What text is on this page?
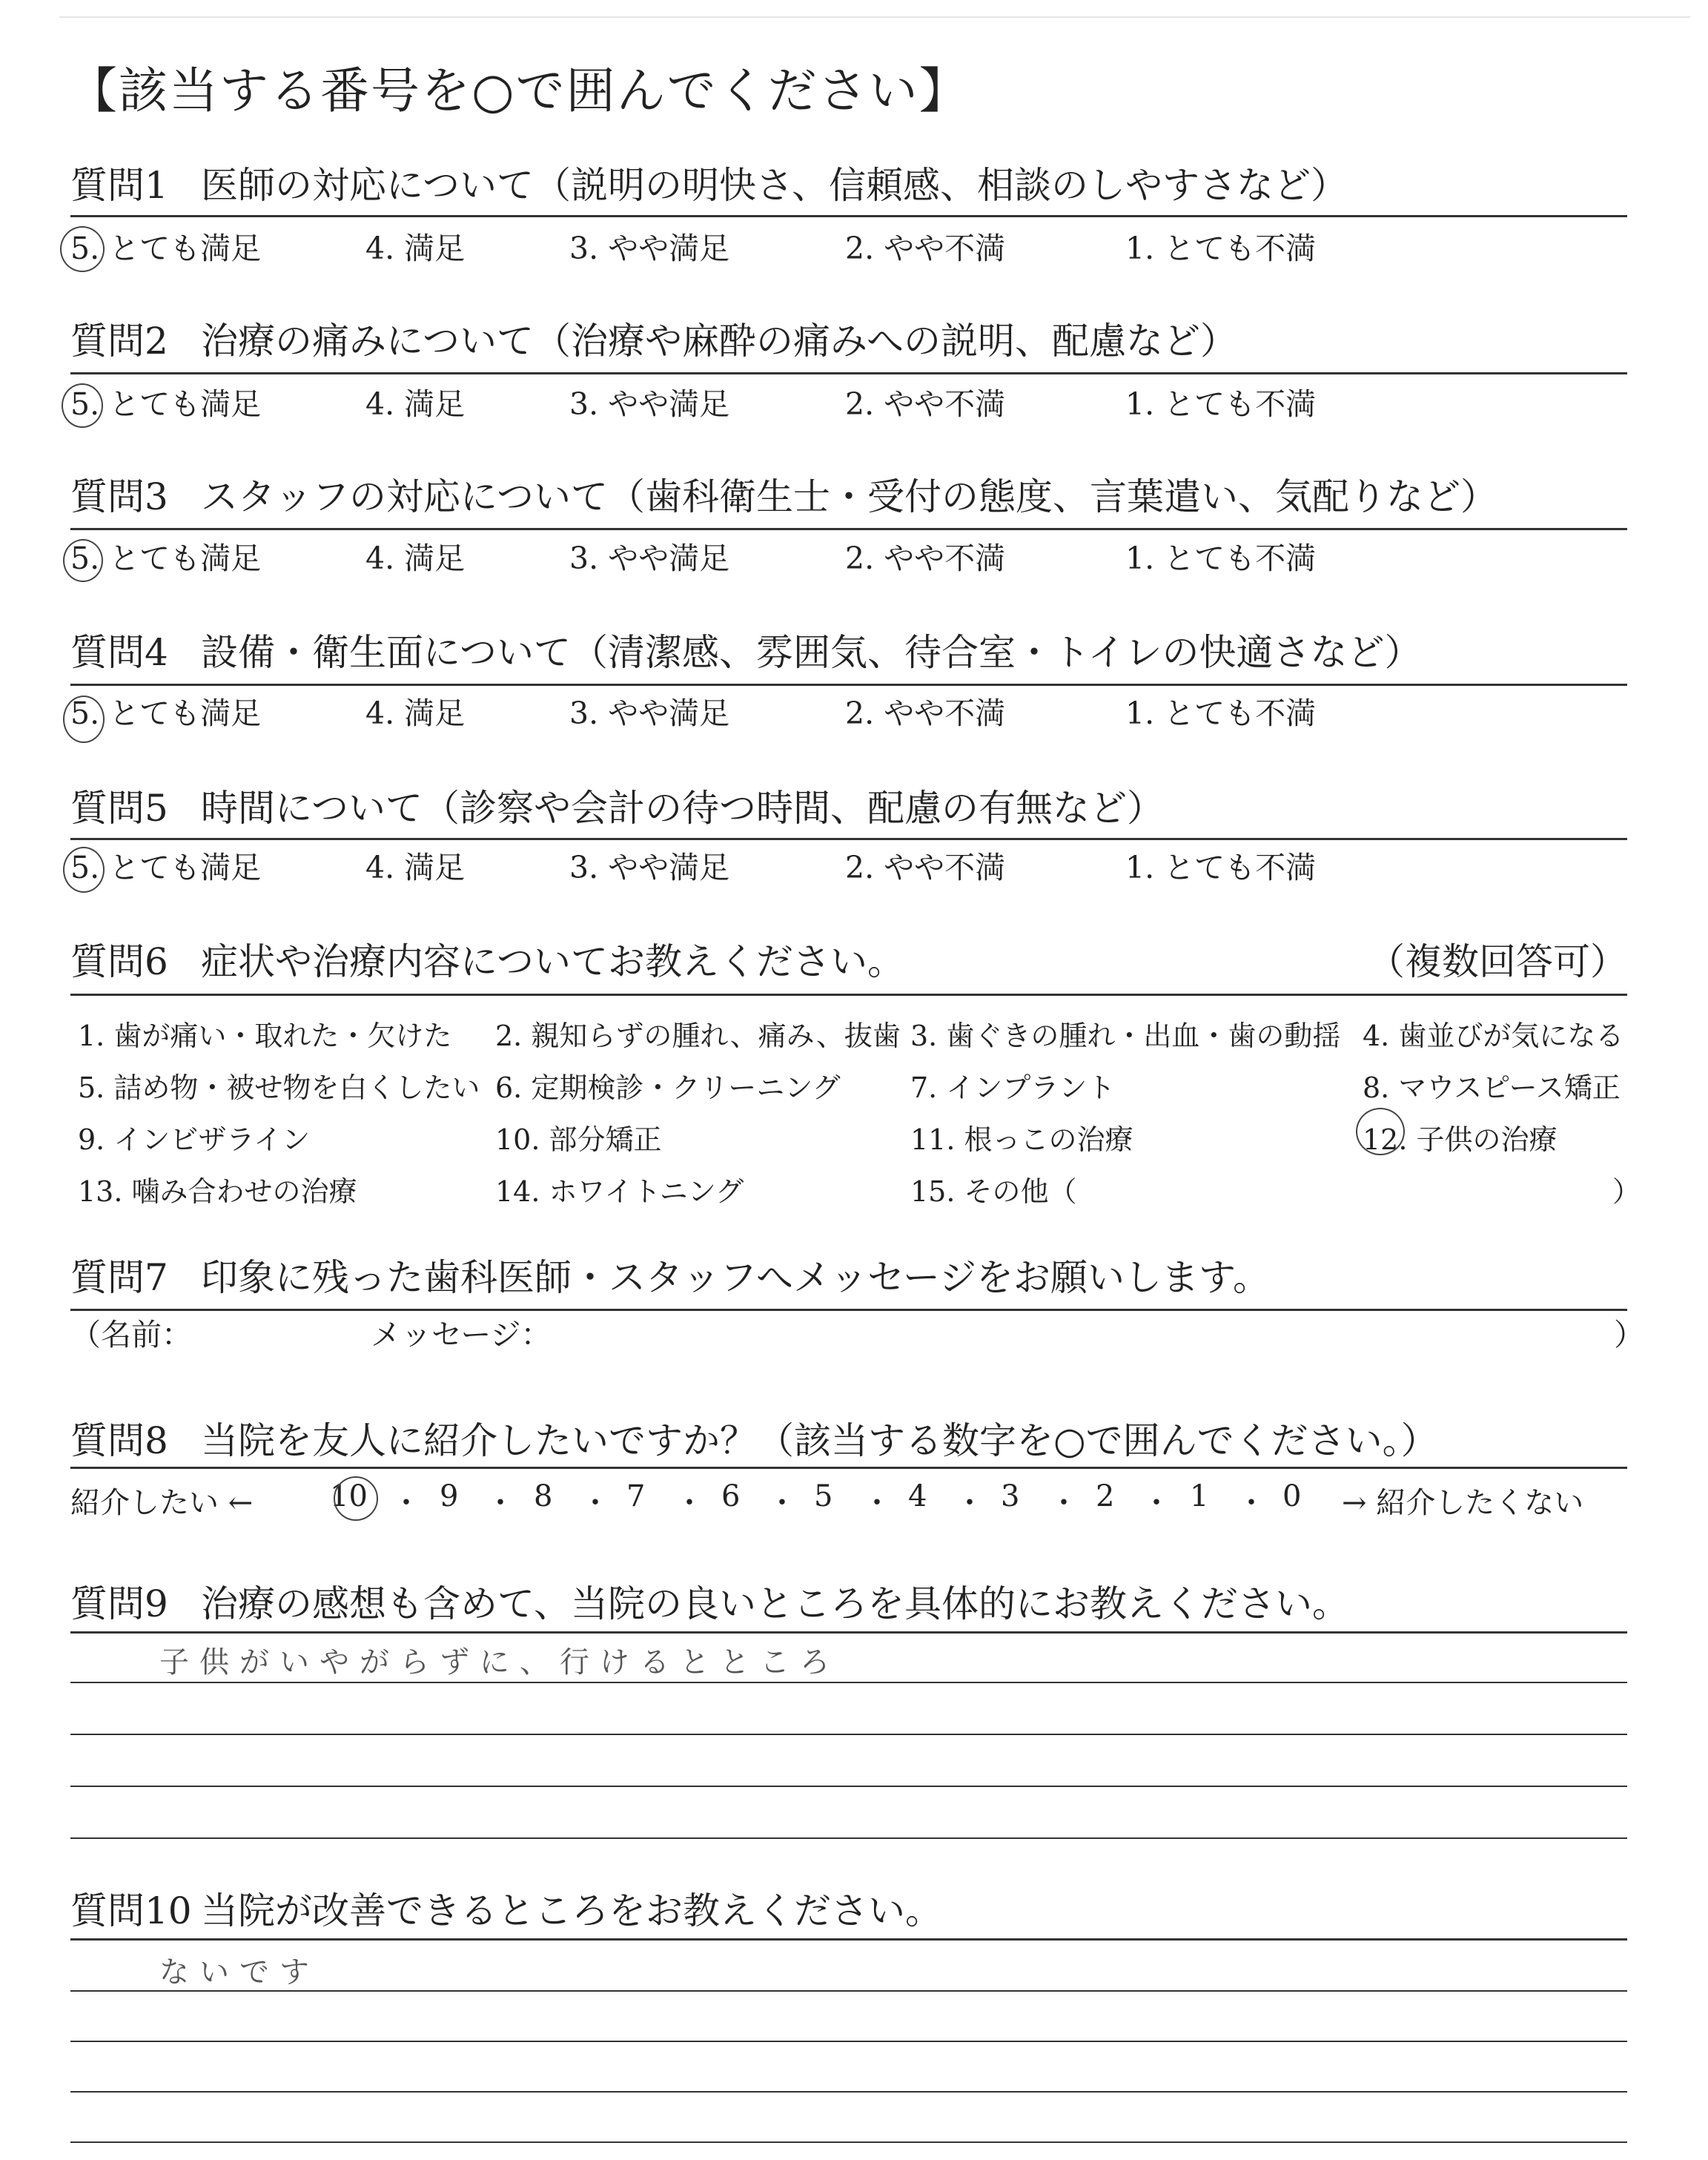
【該当する番号を○で囲んでください】
質問1 医師の対応について（説明の明快さ、信頼感、相談のしやすさなど）
5. とても満足	4. 満足	3. やや満足	2. やや不満	1. とても不満
質問2 治療の痛みについて（治療や麻酔の痛みへの説明、配慮など）
5. とても満足	4. 満足	3. やや満足	2. やや不満	1. とても不満
質問3 スタッフの対応について（歯科衛生士・受付の態度、言葉遣い、気配りなど）
5. とても満足	4. 満足	3. やや満足	2. やや不満	1. とても不満
質問4 設備・衛生面について（清潔感、雰囲気、待合室・トイレの快適さなど）
5. とても満足	4. 満足	3. やや満足	2. やや不満	1. とても不満
質問5 時間について（診察や会計の待つ時間、配慮の有無など）
5. とても満足	4. 満足	3. やや満足	2. やや不満	1. とても不満
質問6 症状や治療内容についてお教えください。	（複数回答可）
1. 歯が痛い・取れた・欠けた 2. 親知らずの腫れ、痛み、抜歯 3. 歯ぐきの腫れ・出血・歯の動揺 4. 歯並びが気になる
5. 詰め物・被せ物を白くしたい 6. 定期検診・クリーニング 7. インプラント	8. マウスピース矯正
9. インビザライン	10. 部分矯正	11. 根っこの治療	12. 子供の治療
13. 噛み合わせの治療	14. ホワイトニング	15. その他（	）
質問7 印象に残った歯科医師・スタッフへメッセージをお願いします。
（名前：	メッセージ：	）
質問8 当院を友人に紹介したいですか？（該当する数字を○で囲んでください。）
紹介したい ←	10 ・ 9 ・ 8 ・ 7 ・ 6 ・ 5 ・ 4 ・ 3 ・ 2 ・ 1 ・ 0 → 紹介したくない
質問9 治療の感想も含めて、当院の良いところを具体的にお教えください。
子供がいやがらずに、行けるとところ
質問10 当院が改善できるところをお教えください。
ないです
